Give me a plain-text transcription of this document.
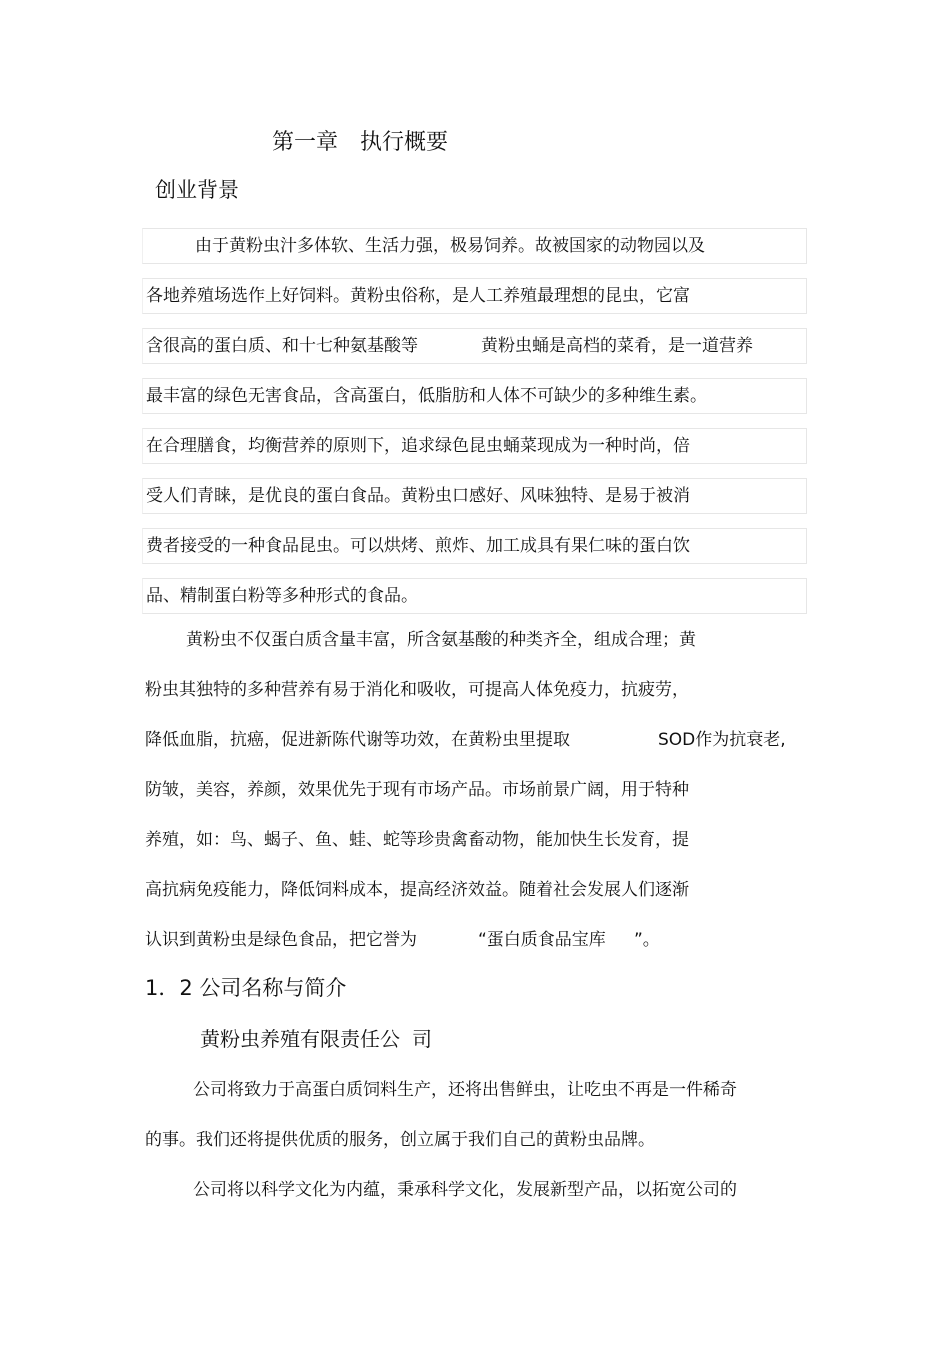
第一章 执行概要
创业背景
由于黄粉虫汁多体软、生活力强，极易饲养。故被国家的动物园以及
各地养殖场选作上好饲料。黄粉虫俗称，是人工养殖最理想的昆虫，它富
含很高的蛋白质、和十七种氨基酸等	黄粉虫蛹是高档的菜肴，是一道营养
最丰富的绿色无害食品，含高蛋白，低脂肪和人体不可缺少的多种维生素。
在合理膳食，均衡营养的原则下，追求绿色昆虫蛹菜现成为一种时尚，倍
受人们青睐，是优良的蛋白食品。黄粉虫口感好、风味独特、是易于被消
费者接受的一种食品昆虫。可以烘烤、煎炸、加工成具有果仁味的蛋白饮
品、精制蛋白粉等多种形式的食品。
黄粉虫不仅蛋白质含量丰富，所含氨基酸的种类齐全，组成合理；黄
粉虫其独特的多种营养有易于消化和吸收，可提高人体免疫力，抗疲劳，
降低血脂，抗癌，促进新陈代谢等功效，在黄粉虫里提取	SOD作为抗衰老,
防皱，美容，养颜，效果优先于现有市场产品。市场前景广阔，用于特种
养殖，如：鸟、蝎子、鱼、蛙、蛇等珍贵禽畜动物，能加快生长发育，提
高抗病免疫能力，降低饲料成本，提高经济效益。随着社会发展人们逐渐
认识到黄粉虫是绿色食品，把它誉为	“蛋白质食品宝库 ”。
1．2 公司名称与简介
黄粉虫养殖有限责任公 司
公司将致力于高蛋白质饲料生产，还将出售鲜虫，让吃虫不再是一件稀奇
的事。我们还将提供优质的服务，创立属于我们自己的黄粉虫品牌。
公司将以科学文化为内蕴，秉承科学文化，发展新型产品，以拓宽公司的
